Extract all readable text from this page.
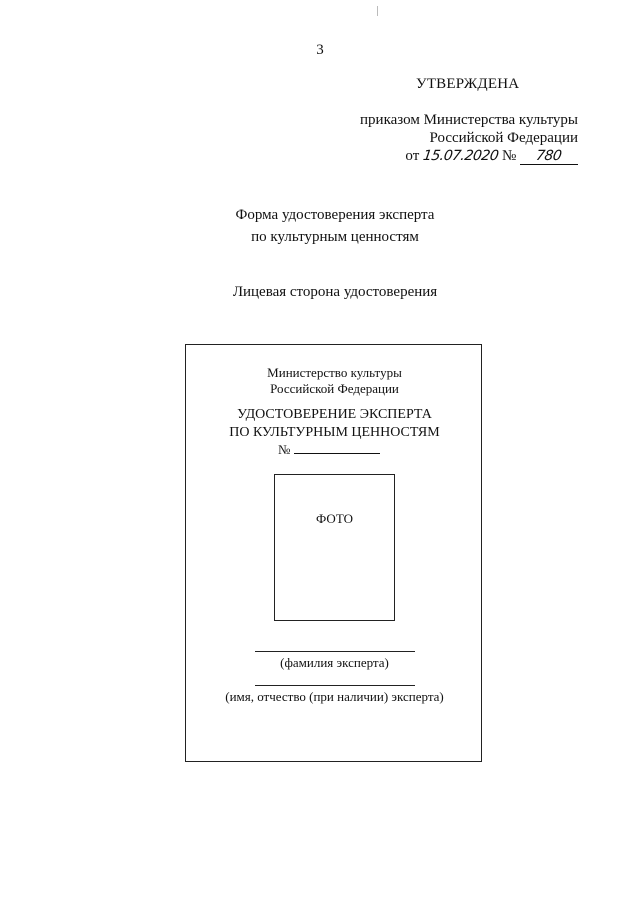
3
УТВЕРЖДЕНА
приказом Министерства культуры
Российской Федерации
от 15.07.2020 № 780
Форма удостоверения эксперта
по культурным ценностям
Лицевая сторона удостоверения
Министерство культуры
Российской Федерации
УДОСТОВЕРЕНИЕ ЭКСПЕРТА
ПО КУЛЬТУРНЫМ ЦЕННОСТЯМ
№
ФОТО
(фамилия эксперта)
(имя, отчество (при наличии) эксперта)
